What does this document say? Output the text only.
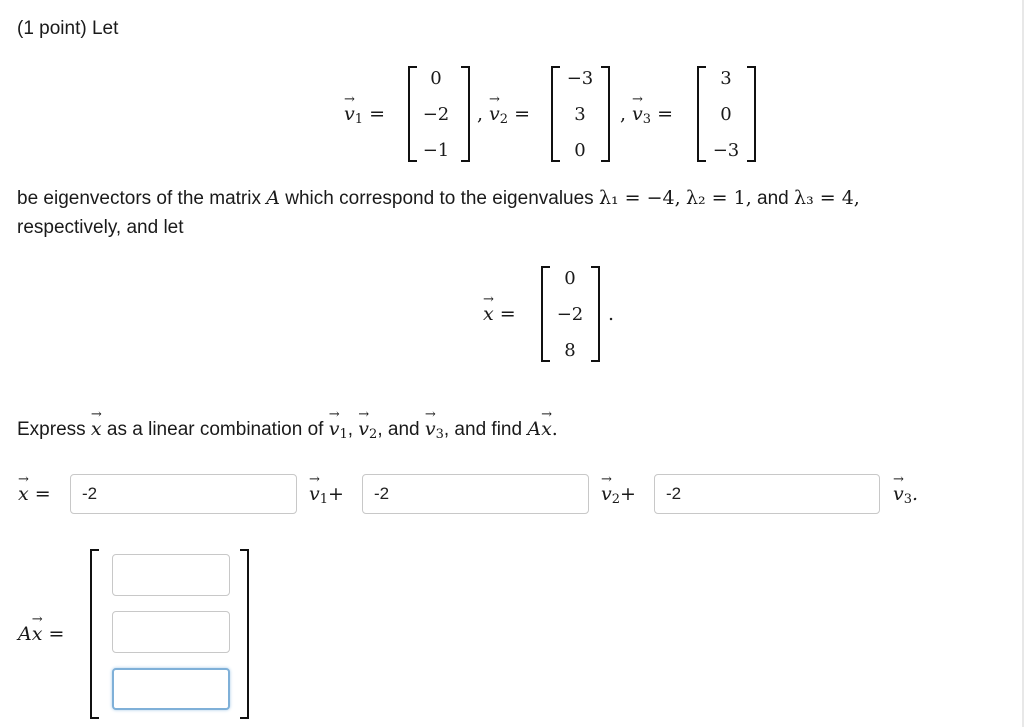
(1 point) Let
→ $v_1$ =
0
−2
−1
, → $v_2$ =
−3
3
0
, → $v_3$ =
3
0
−3
be eigenvectors of the matrix A which correspond to the eigenvalues λ₁ = −4, λ₂ = 1, and λ₃ = 4,
respectively, and let
→ x =
0
−2
8
.
Express → x as a linear combination of → $v_1$, → $v_2$, and → $v_3$, and find A→ x.
→ x =
-2	→ $v_1+$
-2	→ $v_2+$
-2	→ $v_3$.
A→ x =
